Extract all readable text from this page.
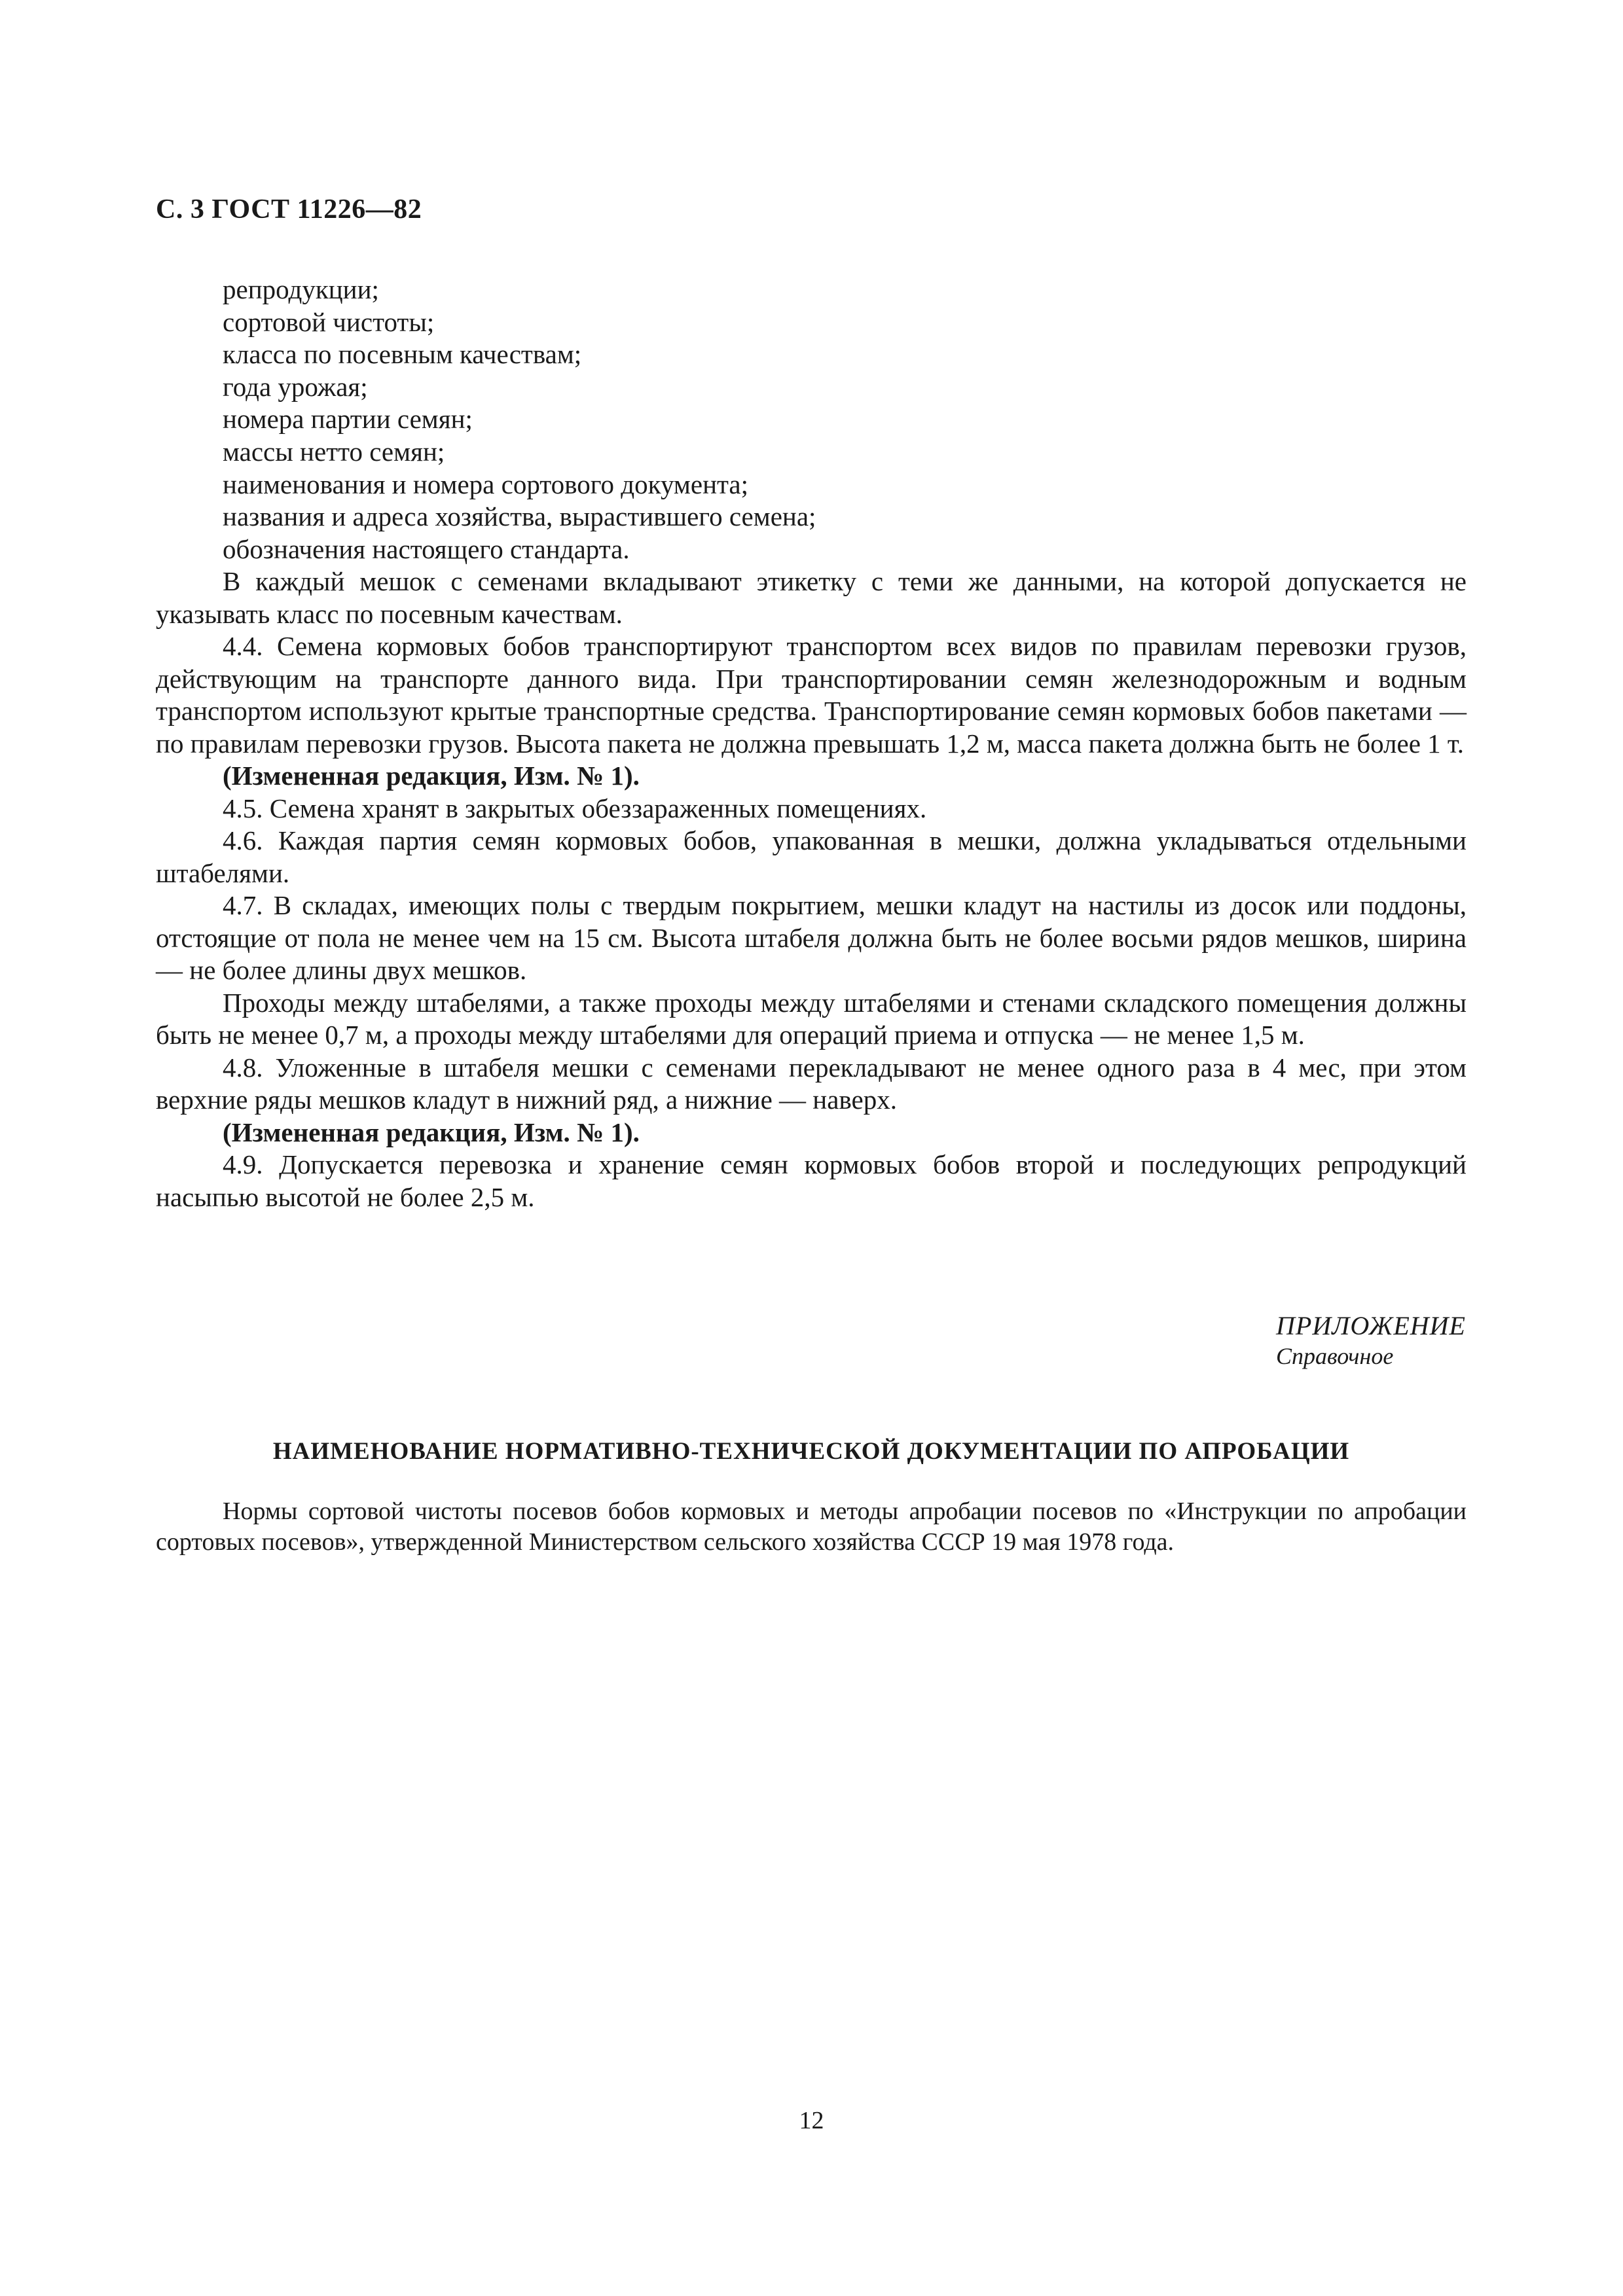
С. 3 ГОСТ 11226—82
репродукции;
сортовой чистоты;
класса по посевным качествам;
года урожая;
номера партии семян;
массы нетто семян;
наименования и номера сортового документа;
названия и адреса хозяйства, вырастившего семена;
обозначения настоящего стандарта.

В каждый мешок с семенами вкладывают этикетку с теми же данными, на которой допускается не указывать класс по посевным качествам.

4.4. Семена кормовых бобов транспортируют транспортом всех видов по правилам перевозки грузов, действующим на транспорте данного вида. При транспортировании семян железнодорожным и водным транспортом используют крытые транспортные средства. Транспортирование семян кормовых бобов пакетами — по правилам перевозки грузов. Высота пакета не должна превышать 1,2 м, масса пакета должна быть не более 1 т.

(Измененная редакция, Изм. № 1).

4.5. Семена хранят в закрытых обеззараженных помещениях.

4.6. Каждая партия семян кормовых бобов, упакованная в мешки, должна укладываться отдельными штабелями.

4.7. В складах, имеющих полы с твердым покрытием, мешки кладут на настилы из досок или поддоны, отстоящие от пола не менее чем на 15 см. Высота штабеля должна быть не более восьми рядов мешков, ширина — не более длины двух мешков.

Проходы между штабелями, а также проходы между штабелями и стенами складского помещения должны быть не менее 0,7 м, а проходы между штабелями для операций приема и отпуска — не менее 1,5 м.

4.8. Уложенные в штабеля мешки с семенами перекладывают не менее одного раза в 4 мес, при этом верхние ряды мешков кладут в нижний ряд, а нижние — наверх.

(Измененная редакция, Изм. № 1).

4.9. Допускается перевозка и хранение семян кормовых бобов второй и последующих репродукций насыпью высотой не более 2,5 м.

ПРИЛОЖЕНИЕ
Справочное
НАИМЕНОВАНИЕ НОРМАТИВНО-ТЕХНИЧЕСКОЙ ДОКУМЕНТАЦИИ ПО АПРОБАЦИИ

Нормы сортовой чистоты посевов бобов кормовых и методы апробации посевов по «Инструкции по апробации сортовых посевов», утвержденной Министерством сельского хозяйства СССР 19 мая 1978 года.

12
